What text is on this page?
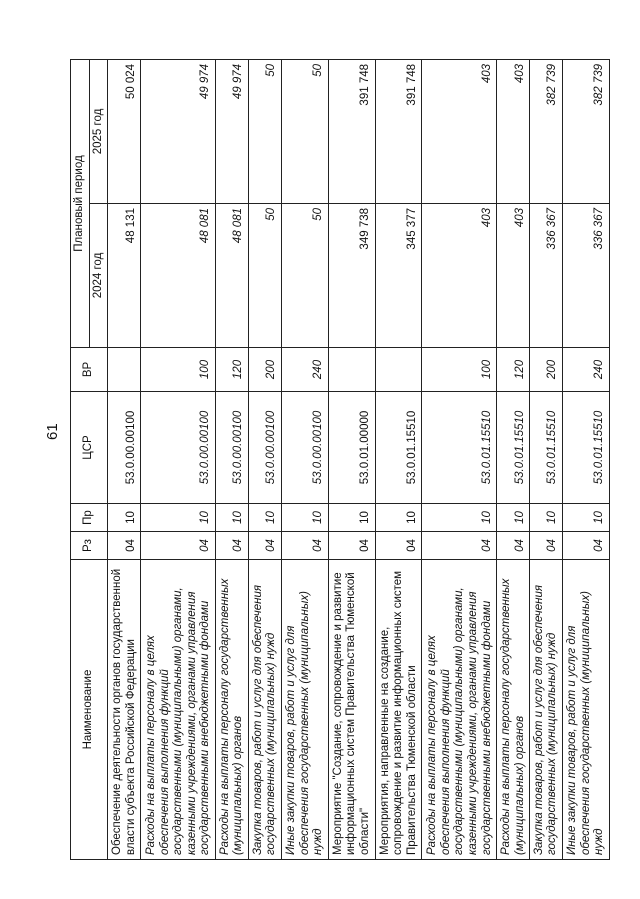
61
Наименование	Рз	Пр	ЦСР	ВР	Плановый период	
					2024 год	2025 год
Обеспечение деятельности органов государственной власти субъекта Российской Федерации	04	10	53.0.00.00100		48 131	50 024
Расходы на выплаты персоналу в целях обеспечения выполнения функций государственными (муниципальными) органами, казенными учреждениями, органами управления государственными внебюджетными фондами	04	10	53.0.00.00100	100	48 081	49 974
Расходы на выплаты персоналу государственных (муниципальных) органов	04	10	53.0.00.00100	120	48 081	49 974
Закупка товаров, работ и услуг для обеспечения государственных (муниципальных) нужд	04	10	53.0.00.00100	200	50	50
Иные закупки товаров, работ и услуг для обеспечения государственных (муниципальных) нужд	04	10	53.0.00.00100	240	50	50
Мероприятие "Создание, сопровождение и развитие информационных систем Правительства Тюменской области"	04	10	53.0.01.00000		349 738	391 748
Мероприятия, направленные на создание, сопровождение и развитие информационных систем Правительства Тюменской области	04	10	53.0.01.15510		345 377	391 748
Расходы на выплаты персоналу в целях обеспечения выполнения функций государственными (муниципальными) органами, казенными учреждениями, органами управления государственными внебюджетными фондами	04	10	53.0.01.15510	100	403	403
Расходы на выплаты персоналу государственных (муниципальных) органов	04	10	53.0.01.15510	120	403	403
Закупка товаров, работ и услуг для обеспечения государственных (муниципальных) нужд	04	10	53.0.01.15510	200	336 367	382 739
Иные закупки товаров, работ и услуг для обеспечения государственных (муниципальных) нужд	04	10	53.0.01.15510	240	336 367	382 739
